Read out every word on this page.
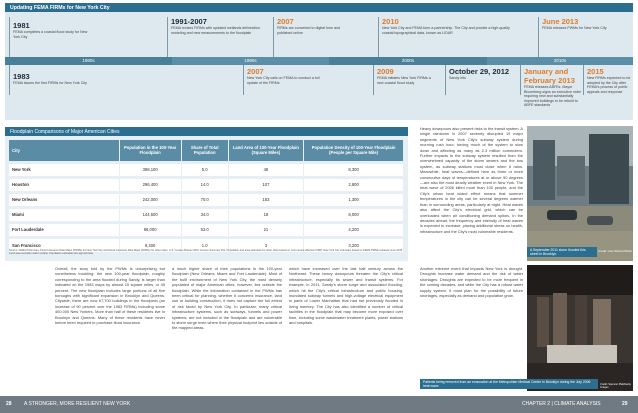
Updating FEMA FIRMs for New York City
1980s	1990s	2000s	2010s
1981
FEMA completes a coastal flood study for New York City
1991-2007
FEMA revises FIRMs with updated wetlands delineation modeling and new measurements to the floodplain
2007
FIRMs are converted to digital form and published online
2010
New York City and FEMA form a partnership. The City and provide a high-quality coastal topographical data, known as LIDAR
June 2013
FEMA releases PWMs for New York City
1983
FEMA issues the first FIRMs for New York City
2007
New York City calls on FEMA to conduct a full update of the FIRMs
2009
FEMA initiates New York FIRMs a new coastal flood study
October 29, 2012
Sandy hits
January and February 2013
FEMA releases ABFEs. Mayor Bloomberg signs an executive order requiring new and substantially improved buildings to be rebuilt to ABFE standards
2015
New FIRMs expected to be adopted by the City after FEMA's process of public appeals and response
Floodplain Comparisons of Major American Cities
City	Population in the 100-Year Floodplain	Share of Total Population	Land Area of 100-Year Floodplain (Square Miles)	Population Density of 100-Year Floodplain (People per Square Mile)
New York	398,100	5.0	48	8,300
Houston	296,400	14.0	107	2,800
New Orleans	242,000	70.0	183	1,300
Miami	144,500	34.0	18	8,000
Fort Lauderdale	88,000	53.0	21	4,200
San Francisco	9,400	1.0	3	3,200
Source: FEMA Preliminary Flood Insurance Rate Maps (PWMs) for New York City and Flood Insurance Rate Maps (FIRMs) for other cities; U.S. Census Bureau 2010 Census Summary File. Population and area estimates for other cities based on most recent effective FIRM; New York City estimates based on FEMA PWMs released June 2013. Land area excludes water surface. Population estimates are approximate.
Overall, the story told by the PWMs is unsurprising but nonetheless troubling: the new 100-year floodplain, roughly corresponding to the area flooded during Sandy, is larger than indicated on the 1983 maps by almost 15 square miles, or 45 percent. The new floodplain includes large portions of all five boroughs with significant expansion in Brooklyn and Queens. Citywide, there are now 67,700 buildings in the floodplain (an increase of 90 percent over the 1983 FIRMs) including some 400,000 New Yorkers. More than half of these residents live in Brooklyn and Queens. Many of these residents have never before been required to purchase flood insurance.
a much higher share of their populations in the 100-year floodplain (New Orleans, Miami and Fort Lauderdale). Most of the built environment of New York City, the most densely populated of major American cities, however, lies outside the floodplain. While the information contained in the PWMs has been critical for planning, whether it concerns insurance, land use or building construction, it does not capture the full extent of risk faced by New York City. In particular, many critical infrastructure systems, such as subways, tunnels and power systems, are not included in the floodplain and are vulnerable to storm surge even where their physical footprint lies outside of the mapped areas.
which have increased over the last half century across the Northeast. These heavy downpours threaten the City's critical infrastructure, especially its sewer and transit systems. For example, in 2011, Sandy's storm surge and associated flooding, which hit the City's critical infrastructure and public housing, inundated subway tunnels and high-voltage electrical equipment in parts of Lower Manhattan that had not previously flooded in living memory. The City has also identified a number of critical facilities in the floodplain that may become more exposed over time, including some wastewater treatment plants, power stations and hospitals.
Heavy downpours also present risks to the transit system. A single rainstorm in 2007 severely disrupted 19 major segments of New York City's subway system during morning rush hour, forcing much of the system to slow down and affecting as many as 2.3 million commuters. Further impacts to the subway system resulted from the overwhelmed capacity of the storm sewers and the bus system, as subway stations must close when it rains. Meanwhile, heat waves—defined here as three or more consecutive days of temperatures at or above 90 degrees—are also the most deadly weather event in New York. The heat wave of 2006 killed more than 100 people, and the City's urban heat island effect means that summer temperatures in the city can be several degrees warmer than in surrounding areas, particularly at night. Heat waves also affect the City's electrical grid, which can be overloaded when air conditioning demand spikes. In the decades ahead, the frequency and intensity of heat waves is expected to increase, placing additional stress on health, infrastructure and the City's most vulnerable residents.
Another extreme event that impacts New York is drought. Droughts increase water demand and the risk of water shortages. Droughts are expected to be more frequent in the coming decades, and while the City has a robust water supply system, it must plan for the possibility of future shortages, especially as demand and population grow.
A September 2011 storm flooded this street in Brooklyn.
Credit: Ivan Nikolov/Flickr
Patients being removed from an evacuation at the Metropolitan Medical Center in Brooklyn during the July 2006 heat wave.	Credit: Spencer Platt/Getty Images
28 A STRONGER, MORE RESILIENT NEW YORK	CHAPTER 2 | CLIMATE ANALYSIS	29
